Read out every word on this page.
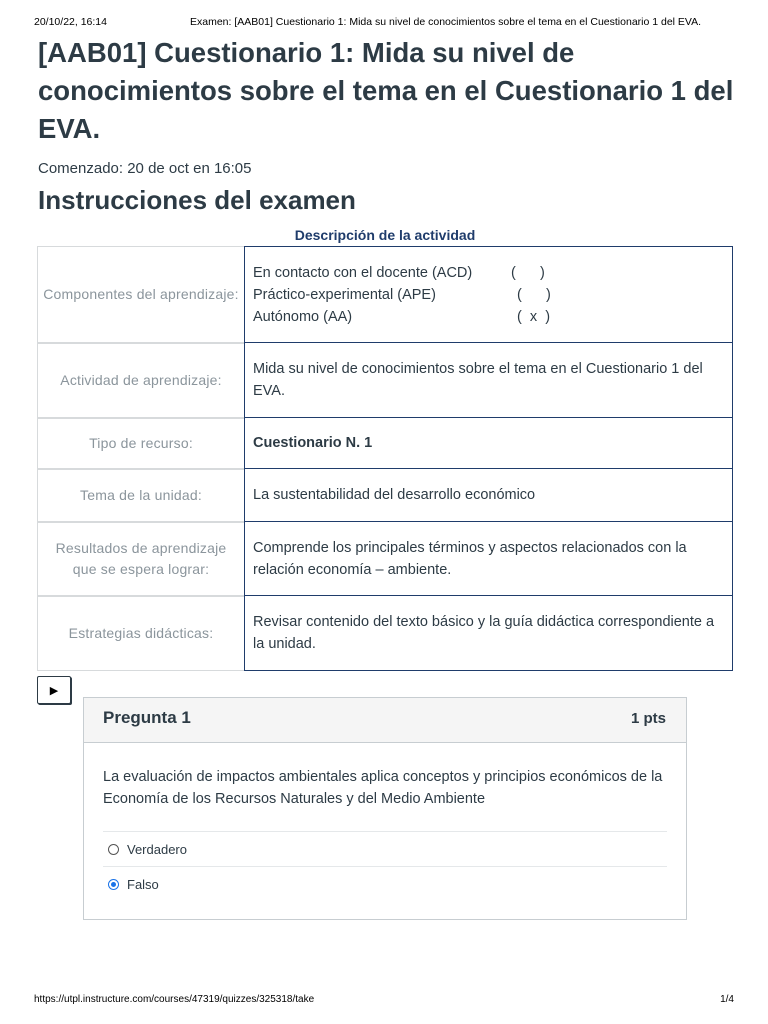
20/10/22, 16:14	Examen: [AAB01] Cuestionario 1: Mida su nivel de conocimientos sobre el tema en el Cuestionario 1 del EVA.
[AAB01] Cuestionario 1: Mida su nivel de conocimientos sobre el tema en el Cuestionario 1 del EVA.
Comenzado: 20 de oct en 16:05
Instrucciones del examen
Descripción de la actividad
Componentes del aprendizaje:
En contacto con el docente (ACD)	(      )
Práctico-experimental (APE)	(      )
Autónomo (AA)	(  x  )
Actividad de aprendizaje:
Mida su nivel de conocimientos sobre el tema en el Cuestionario 1 del EVA.
Tipo de recurso:	Cuestionario N. 1
Tema de la unidad:	La sustentabilidad del desarrollo económico
Resultados de aprendizaje que se espera lograr:
Comprende los principales términos y aspectos relacionados con la relación economía – ambiente.
Estrategias didácticas:
Revisar contenido del texto básico y la guía didáctica correspondiente a la unidad.
▶
Pregunta 1	1 pts
La evaluación de impactos ambientales aplica conceptos y principios económicos de la Economía de los Recursos Naturales y del Medio Ambiente
Verdadero
Falso
https://utpl.instructure.com/courses/47319/quizzes/325318/take	1/4
